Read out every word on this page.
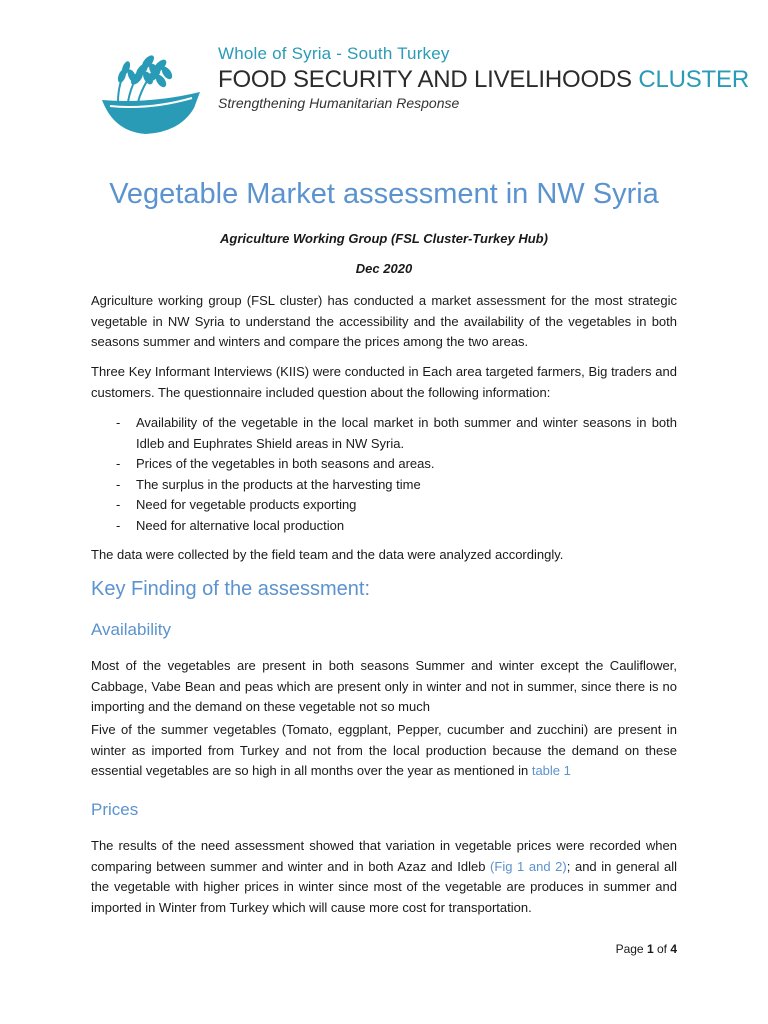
Whole of Syria - South Turkey
FOOD SECURITY AND LIVELIHOODS CLUSTER
Strengthening Humanitarian Response
Vegetable Market assessment in NW Syria
Agriculture Working Group (FSL Cluster-Turkey Hub)
Dec 2020

Agriculture working group (FSL cluster) has conducted a market assessment for the most strategic vegetable in NW Syria to understand the accessibility and the availability of the vegetables in both seasons summer and winters and compare the prices among the two areas.

Three Key Informant Interviews (KIIS) were conducted in Each area targeted farmers, Big traders and customers. The questionnaire included question about the following information:

- Availability of the vegetable in the local market in both summer and winter seasons in both Idleb and Euphrates Shield areas in NW Syria.
- Prices of the vegetables in both seasons and areas.
- The surplus in the products at the harvesting time
- Need for vegetable products exporting
- Need for alternative local production

The data were collected by the field team and the data were analyzed accordingly.

Key Finding of the assessment:
Availability

Most of the vegetables are present in both seasons Summer and winter except the Cauliflower, Cabbage, Vabe Bean and peas which are present only in winter and not in summer, since there is no importing and the demand on these vegetable not so much

Five of the summer vegetables (Tomato, eggplant, Pepper, cucumber and zucchini) are present in winter as imported from Turkey and not from the local production because the demand on these essential vegetables are so high in all months over the year as mentioned in table 1

Prices

The results of the need assessment showed that variation in vegetable prices were recorded when comparing between summer and winter and in both Azaz and Idleb (Fig 1 and 2); and in general all the vegetable with higher prices in winter since most of the vegetable are produces in summer and imported in Winter from Turkey which will cause more cost for transportation.

Page 1 of 4
